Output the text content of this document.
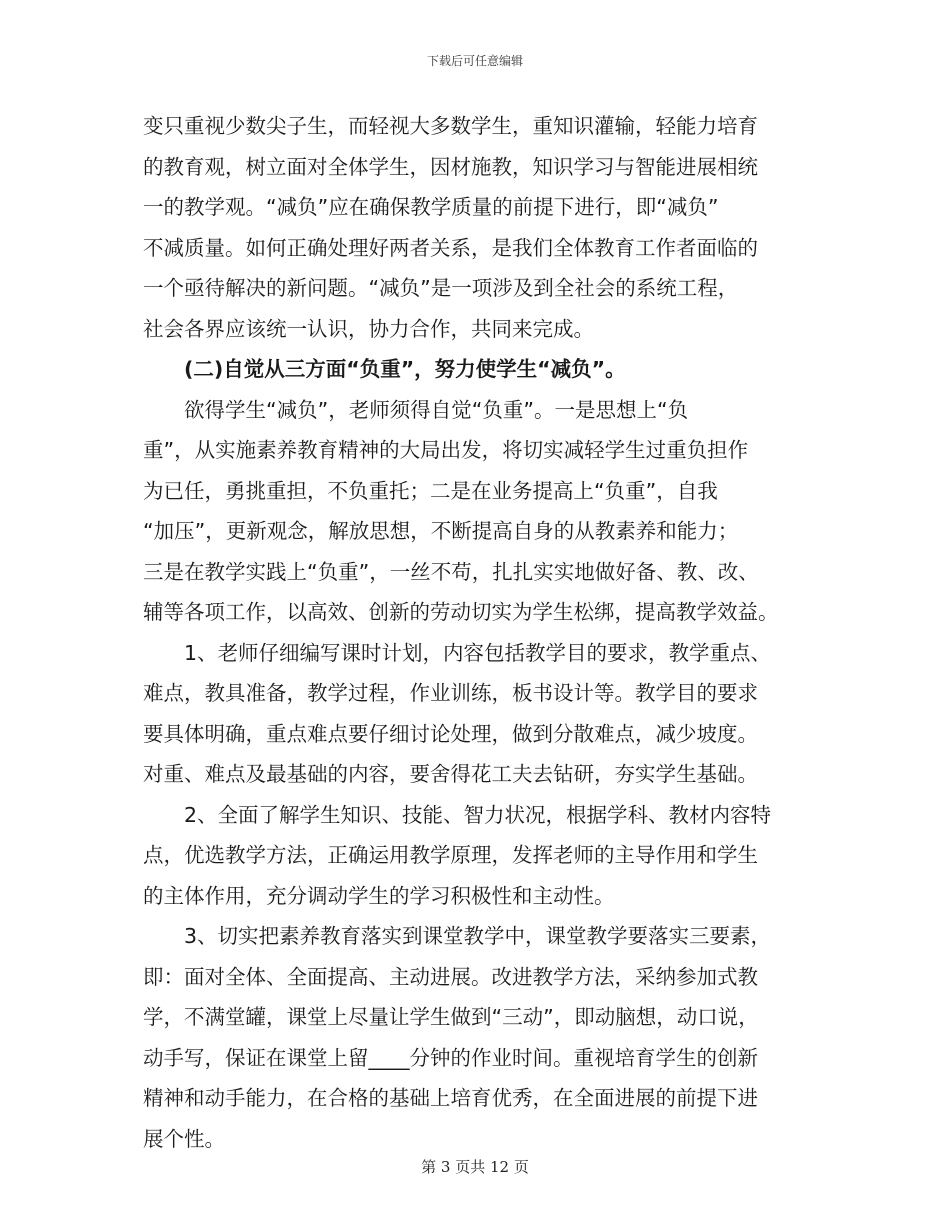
下载后可任意编辑

变只重视少数尖子生，而轻视大多数学生，重知识灌输，轻能力培育
的教育观，树立面对全体学生，因材施教，知识学习与智能进展相统
一的教学观。“减负”应在确保教学质量的前提下进行，即“减负”
不减质量。如何正确处理好两者关系，是我们全体教育工作者面临的
一个亟待解决的新问题。“减负”是一项涉及到全社会的系统工程，
社会各界应该统一认识，协力合作，共同来完成。

(二)自觉从三方面“负重”，努力使学生“减负”。

欲得学生“减负”，老师须得自觉“负重”。一是思想上“负
重”，从实施素养教育精神的大局出发，将切实减轻学生过重负担作
为已任，勇挑重担，不负重托；二是在业务提高上“负重”，自我
“加压”，更新观念，解放思想，不断提高自身的从教素养和能力；
三是在教学实践上“负重”，一丝不苟，扎扎实实地做好备、教、改、
辅等各项工作，以高效、创新的劳动切实为学生松绑，提高教学效益。

1、老师仔细编写课时计划，内容包括教学目的要求，教学重点、
难点，教具准备，教学过程，作业训练，板书设计等。教学目的要求
要具体明确，重点难点要仔细讨论处理，做到分散难点，减少坡度。
对重、难点及最基础的内容，要舍得花工夫去钻研，夯实学生基础。

2、全面了解学生知识、技能、智力状况，根据学科、教材内容特
点，优选教学方法，正确运用教学原理，发挥老师的主导作用和学生
的主体作用，充分调动学生的学习积极性和主动性。

3、切实把素养教育落实到课堂教学中，课堂教学要落实三要素，
即：面对全体、全面提高、主动进展。改进教学方法，采纳参加式教
学，不满堂罐，课堂上尽量让学生做到“三动”，即动脑想，动口说，
动手写，保证在课堂上留____分钟的作业时间。重视培育学生的创新
精神和动手能力，在合格的基础上培育优秀，在全面进展的前提下进
展个性。

第 3 页共 12 页
